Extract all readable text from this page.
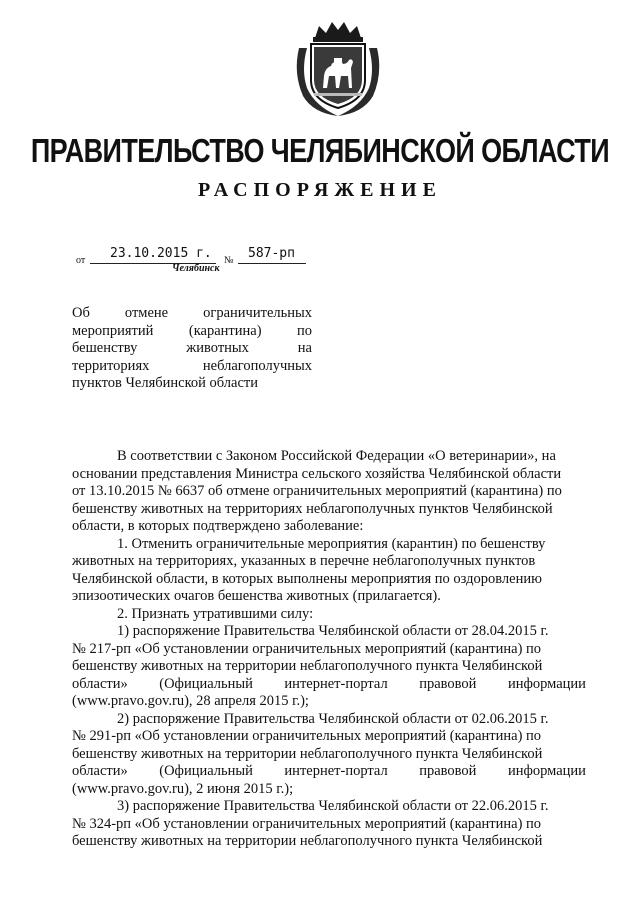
ПРАВИТЕЛЬСТВО ЧЕЛЯБИНСКОЙ ОБЛАСТИ
РАСПОРЯЖЕНИЕ
от 23.10.2015 г. № 587-рп
Челябинск
Об отмене ограничительных
мероприятий (карантина) по
бешенству	животных	на
территориях	неблагополучных
пунктов Челябинской области

В соответствии с Законом Российской Федерации «О ветеринарии», на

основании представления Министра сельского хозяйства Челябинской области

от 13.10.2015 № 6637 об отмене ограничительных мероприятий (карантина) по

бешенству животных на территориях неблагополучных пунктов Челябинской

области, в которых подтверждено заболевание:

1. Отменить ограничительные мероприятия (карантин) по бешенству

животных на территориях, указанных в перечне неблагополучных пунктов

Челябинской области, в которых выполнены мероприятия по оздоровлению

эпизоотических очагов бешенства животных (прилагается).

2. Признать утратившими силу:

1) распоряжение Правительства Челябинской области от 28.04.2015 г.

№ 217-рп «Об установлении ограничительных мероприятий (карантина) по

бешенству животных на территории неблагополучного пункта Челябинской

области» (Официальный интернет-портал правовой информации

(www.pravo.gov.ru), 28 апреля 2015 г.);

2) распоряжение Правительства Челябинской области от 02.06.2015 г.

№ 291-рп «Об установлении ограничительных мероприятий (карантина) по

бешенству животных на территории неблагополучного пункта Челябинской

области» (Официальный интернет-портал правовой информации

(www.pravo.gov.ru), 2 июня 2015 г.);

3) распоряжение Правительства Челябинской области от 22.06.2015 г.

№ 324-рп «Об установлении ограничительных мероприятий (карантина) по

бешенству животных на территории неблагополучного пункта Челябинской
